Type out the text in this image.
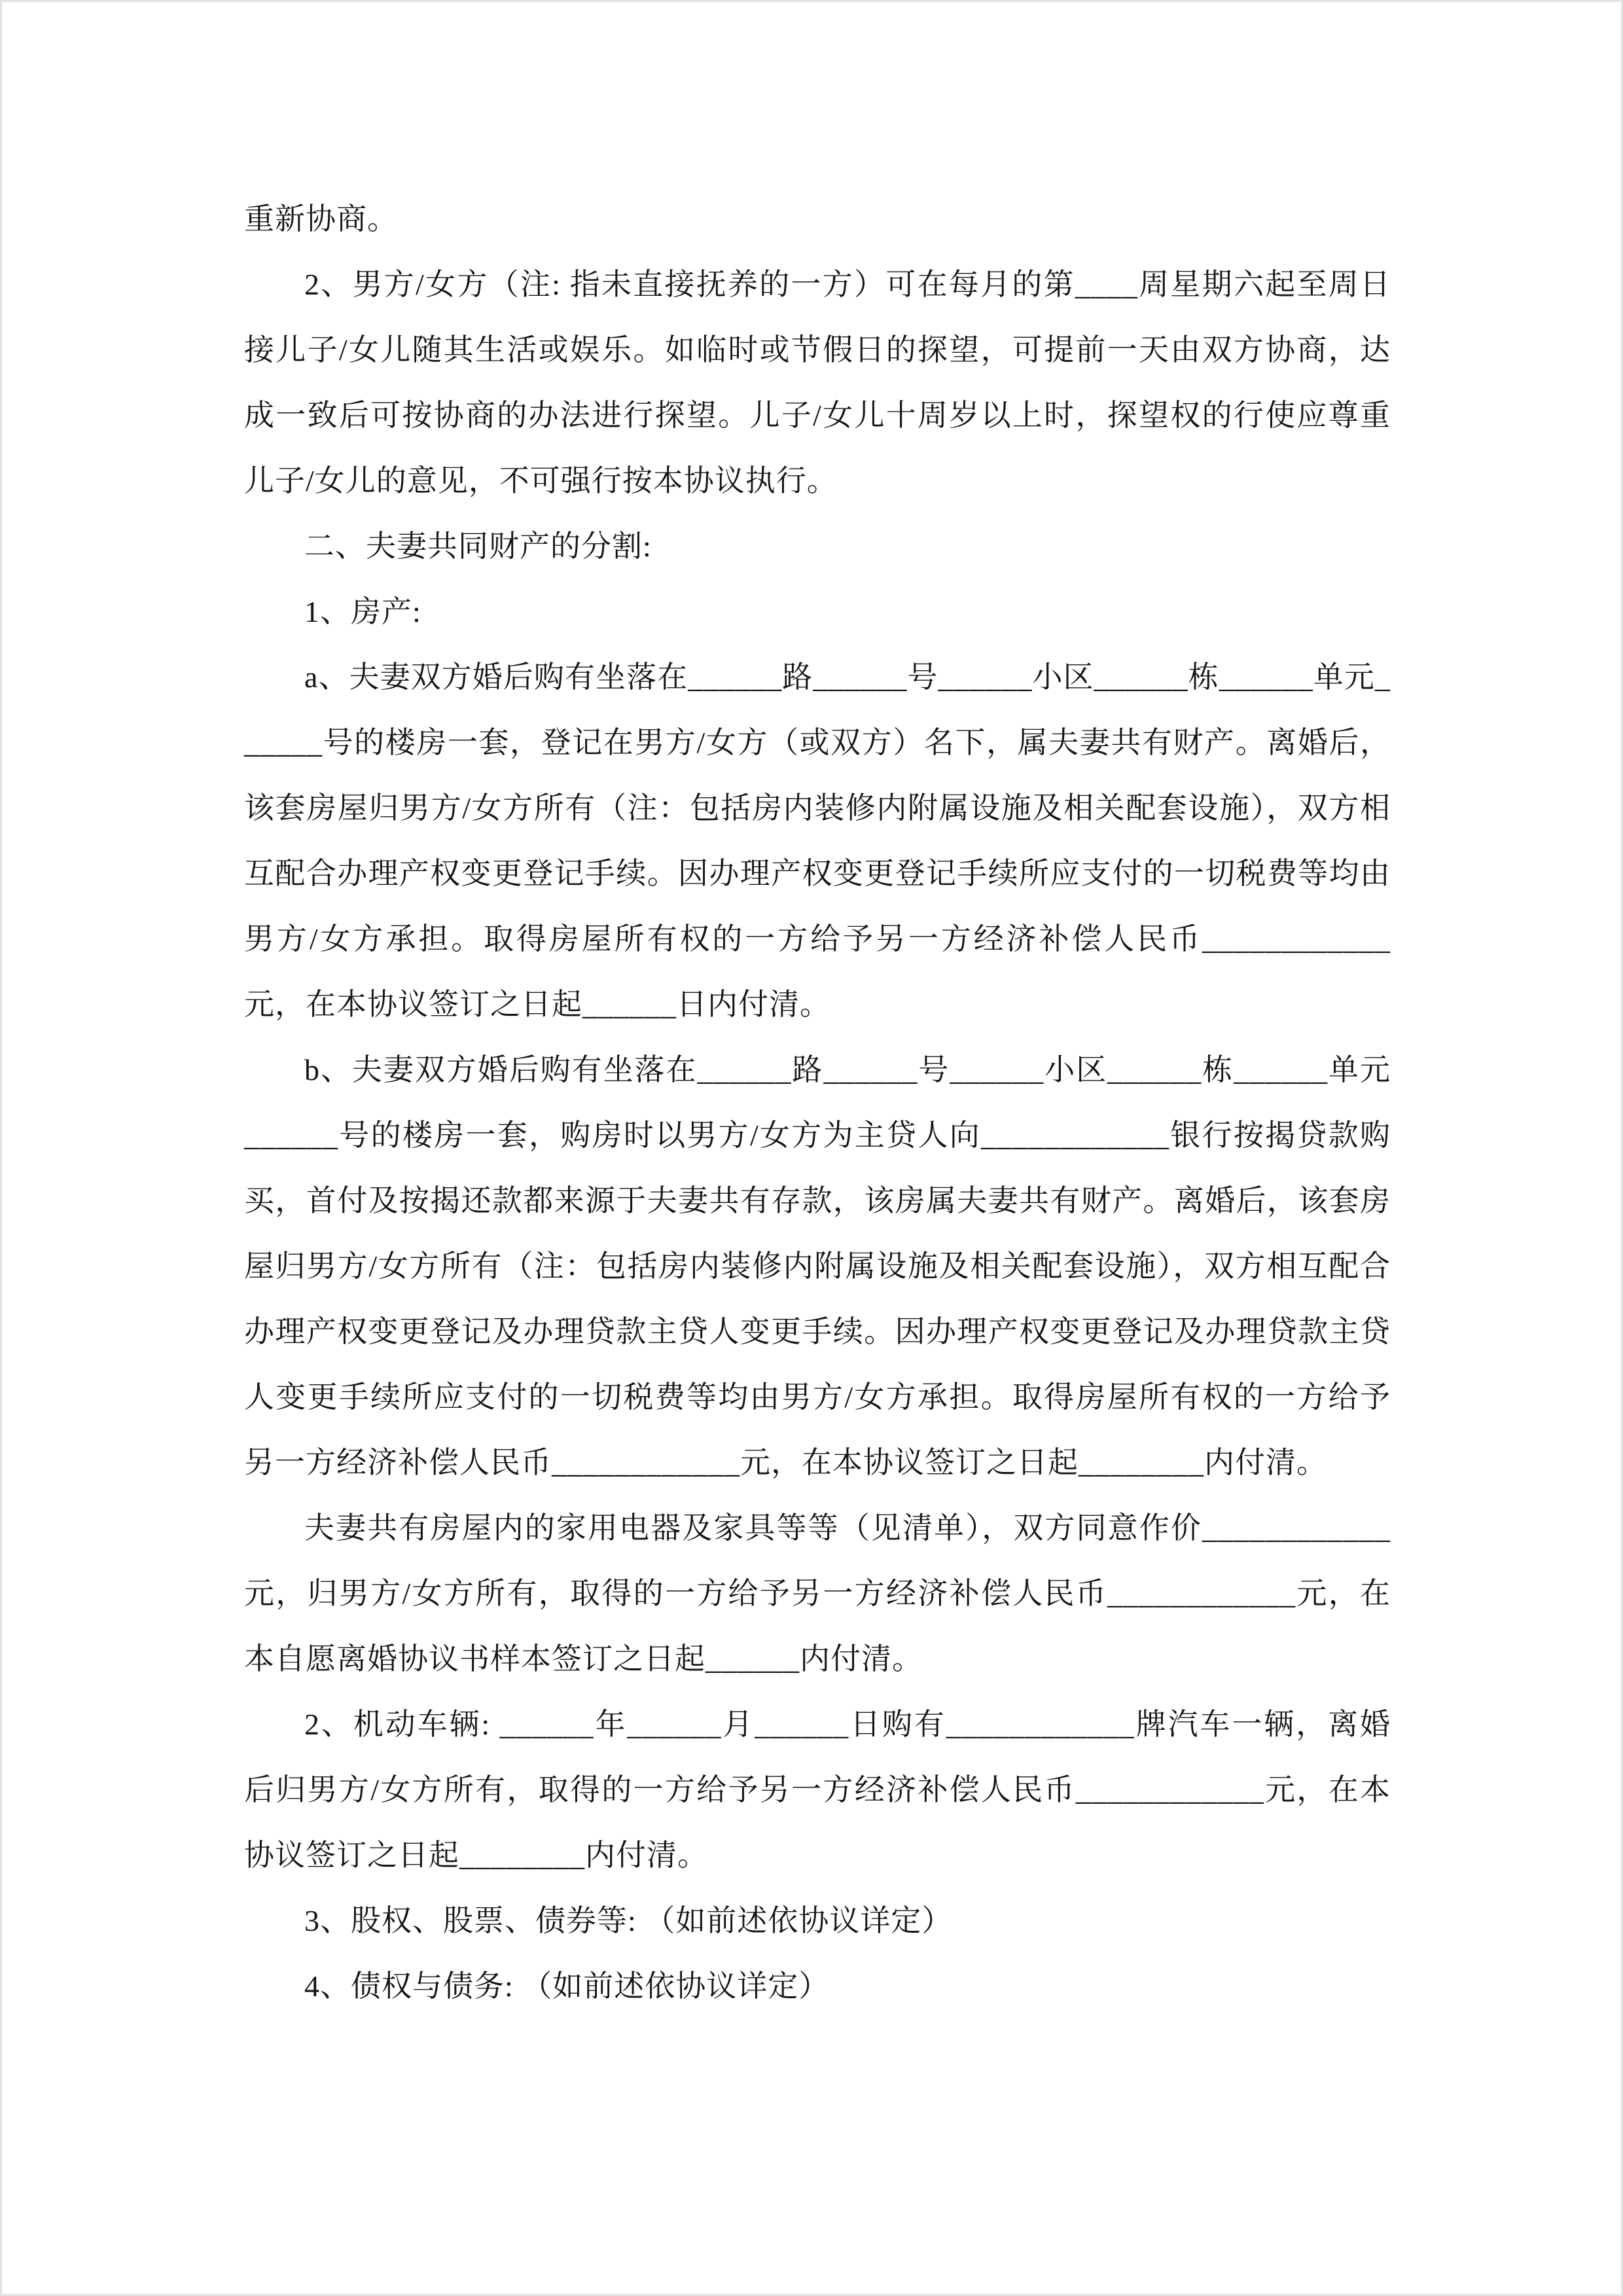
重新协商。

2、男方/女方（注: 指未直接抚养的一方）可在每月的第____周星期六起至周日接儿子/女儿随其生活或娱乐。如临时或节假日的探望，可提前一天由双方协商，达成一致后可按协商的办法进行探望。儿子/女儿十周岁以上时，探望权的行使应尊重儿子/女儿的意见，不可强行按本协议执行。

二、夫妻共同财产的分割:

1、房产:

a、夫妻双方婚后购有坐落在______路______号______小区______栋______单元______号的楼房一套，登记在男方/女方（或双方）名下，属夫妻共有财产。离婚后，该套房屋归男方/女方所有（注：包括房内装修内附属设施及相关配套设施），双方相互配合办理产权变更登记手续。因办理产权变更登记手续所应支付的一切税费等均由男方/女方承担。取得房屋所有权的一方给予另一方经济补偿人民币____________元，在本协议签订之日起______日内付清。

b、夫妻双方婚后购有坐落在______路______号______小区______栋______单元______号的楼房一套，购房时以男方/女方为主贷人向____________银行按揭贷款购买，首付及按揭还款都来源于夫妻共有存款，该房属夫妻共有财产。离婚后，该套房屋归男方/女方所有（注：包括房内装修内附属设施及相关配套设施），双方相互配合办理产权变更登记及办理贷款主贷人变更手续。因办理产权变更登记及办理贷款主贷人变更手续所应支付的一切税费等均由男方/女方承担。取得房屋所有权的一方给予另一方经济补偿人民币____________元，在本协议签订之日起________内付清。

夫妻共有房屋内的家用电器及家具等等（见清单），双方同意作价____________元，归男方/女方所有，取得的一方给予另一方经济补偿人民币____________元，在本自愿离婚协议书样本签订之日起______内付清。

2、机动车辆: ______年______月______日购有____________牌汽车一辆，离婚后归男方/女方所有，取得的一方给予另一方经济补偿人民币____________元，在本协议签订之日起________内付清。

3、股权、股票、债券等: （如前述依协议详定）

4、债权与债务: （如前述依协议详定）
